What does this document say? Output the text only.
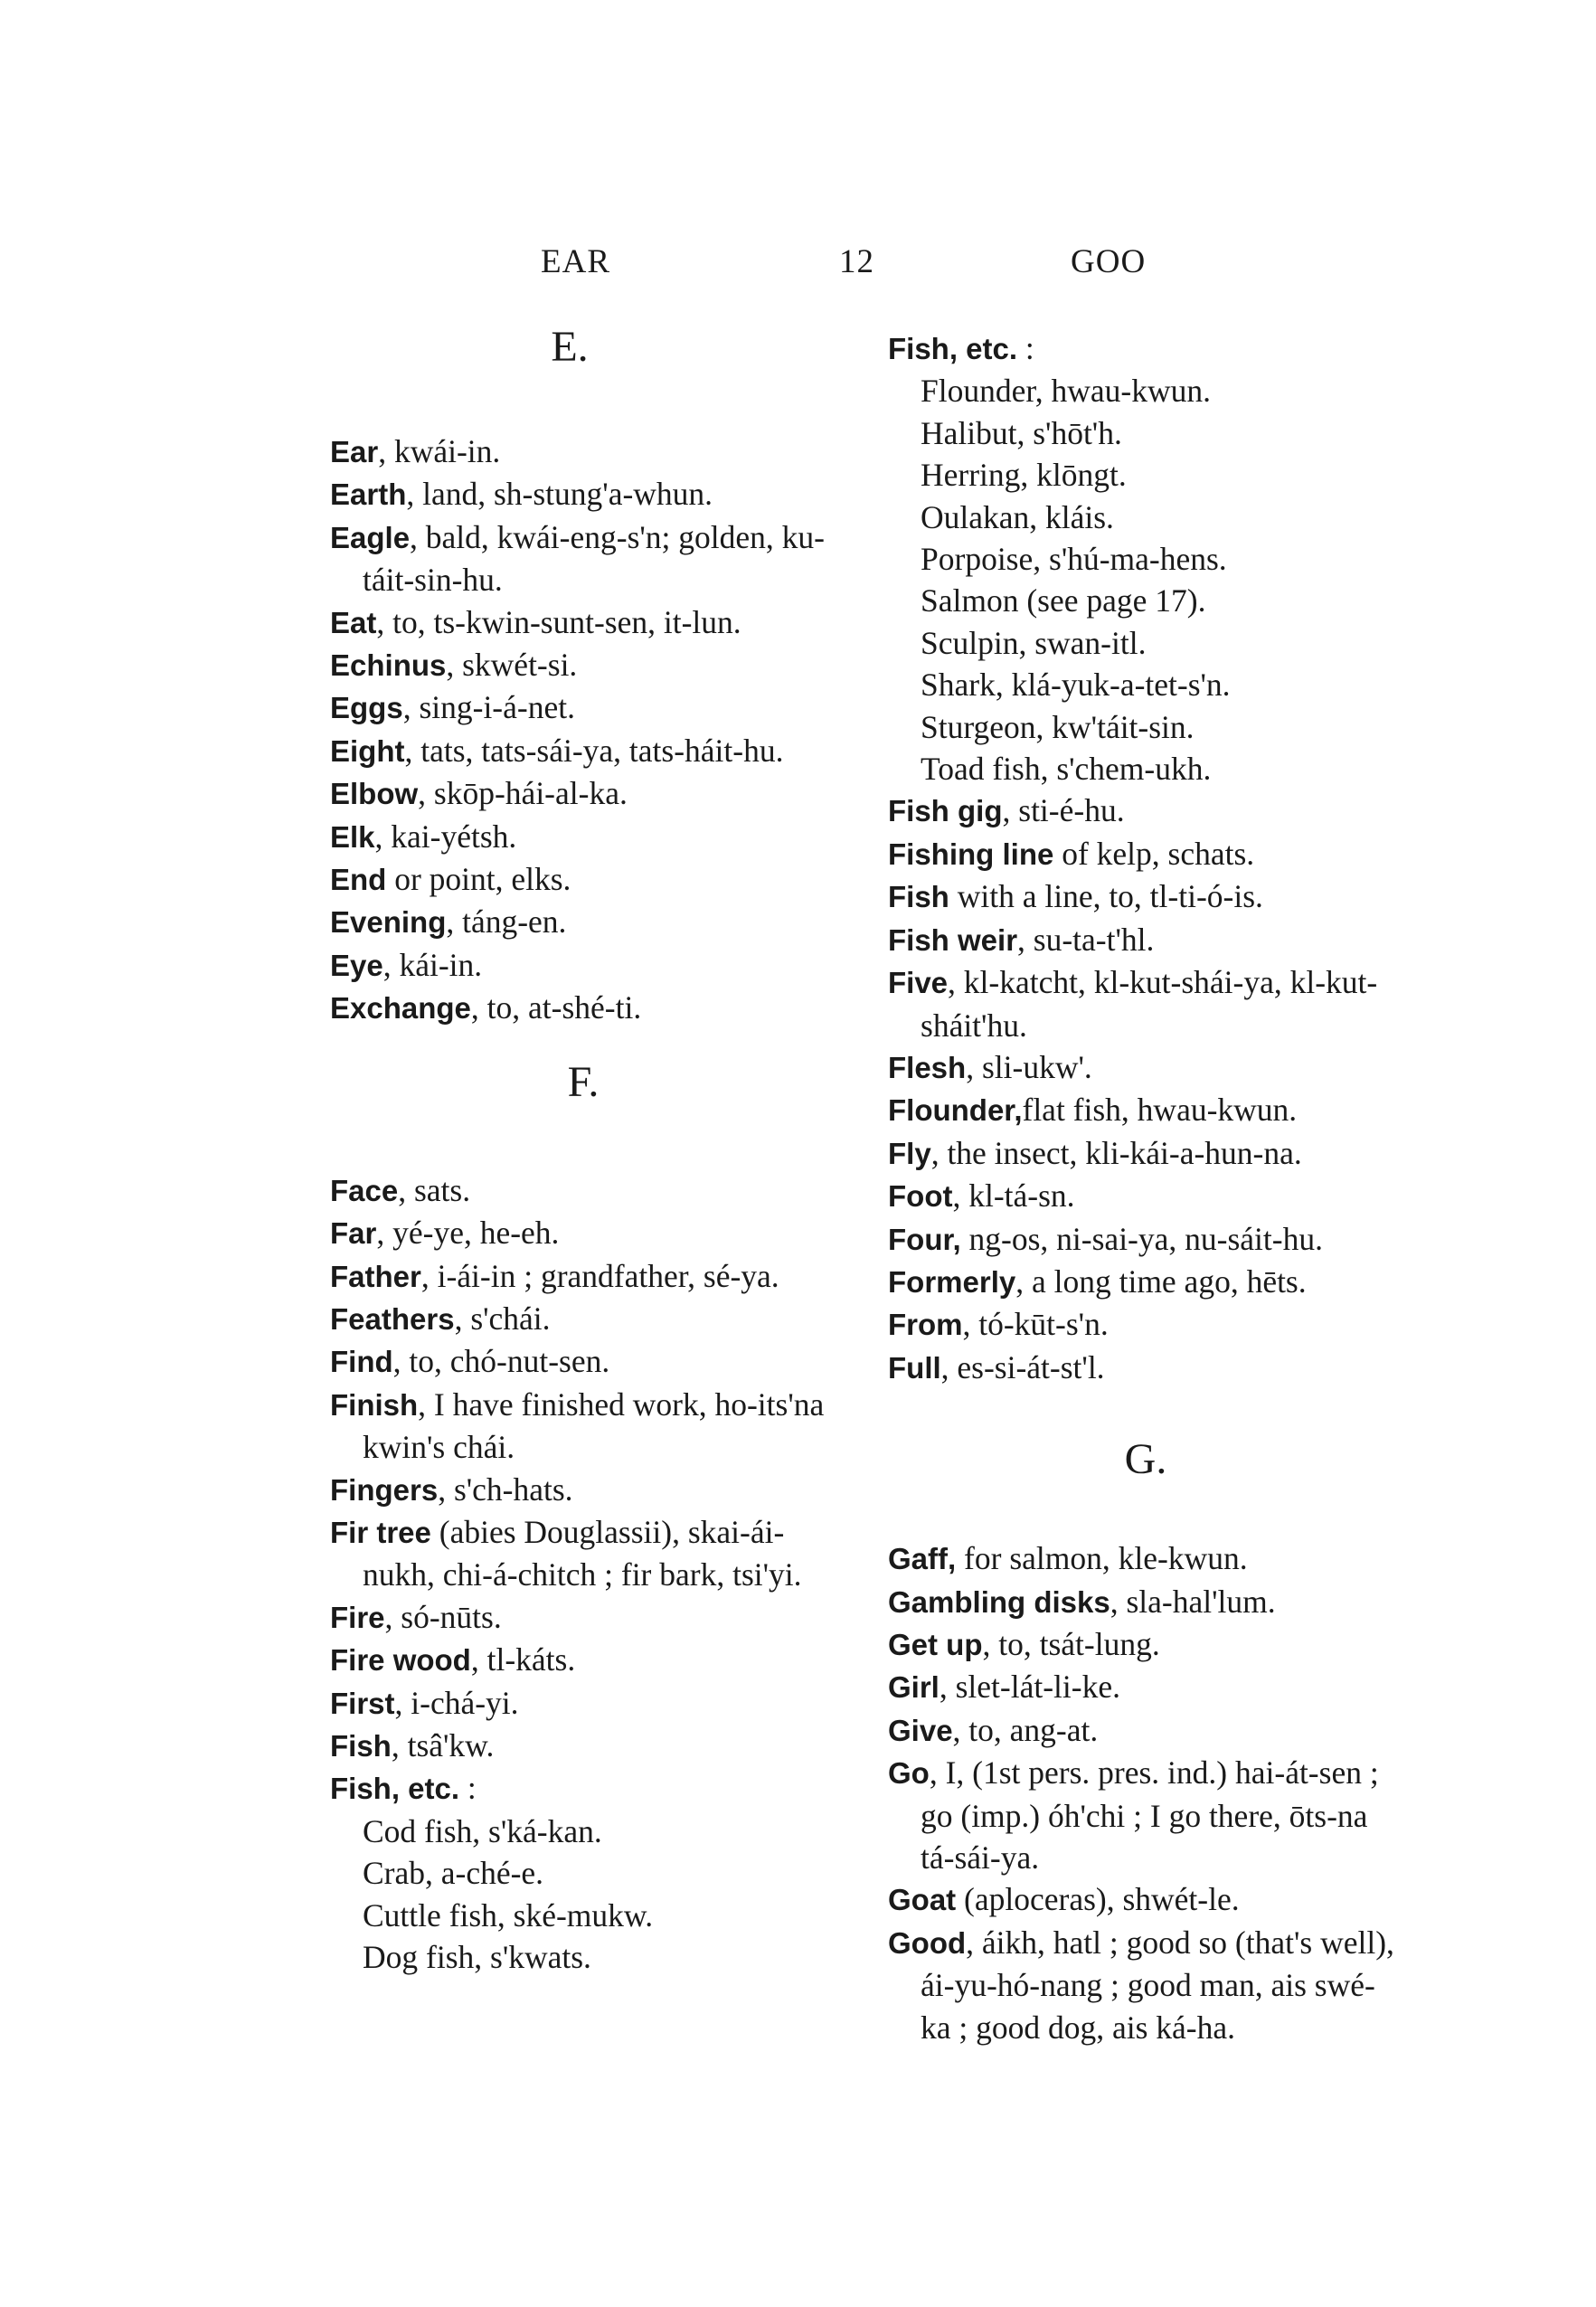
EAR	12	GOO
E.

Ear, kwái-in.

Earth, land, sh-stung'a-whun.

Eagle, bald, kwái-eng-s'n; golden, ku-táit-sin-hu.

Eat, to, ts-kwin-sunt-sen, it-lun.

Echinus, skwét-si.

Eggs, sing-i-á-net.

Eight, tats, tats-sái-ya, tats-háit-hu.

Elbow, skōp-hái-al-ka.

Elk, kai-yétsh.

End or point, elks.

Evening, táng-en.

Eye, kái-in.

Exchange, to, at-shé-ti.

F.

Face, sats.

Far, yé-ye, he-eh.

Father, i-ái-in ; grandfather, sé-ya.

Feathers, s'chái.

Find, to, chó-nut-sen.

Finish, I have finished work, ho-its'na kwin's chái.

Fingers, s'ch-hats.

Fir tree (abies Douglassii), skai-ái-nukh, chi-á-chitch ; fir bark, tsi'yi.

Fire, só-nūts.

Fire wood, tl-káts.

First, i-chá-yi.

Fish, tsâ'kw.

Fish, etc. :

Cod fish, s'ká-kan.

Crab, a-ché-e.

Cuttle fish, ské-mukw.

Dog fish, s'kwats.

Fish, etc. :

Flounder, hwau-kwun.

Halibut, s'hōt'h.

Herring, klōngt.

Oulakan, kláis.

Porpoise, s'hú-ma-hens.

Salmon (see page 17).

Sculpin, swan-itl.

Shark, klá-yuk-a-tet-s'n.

Sturgeon, kw'táit-sin.

Toad fish, s'chem-ukh.

Fish gig, sti-é-hu.

Fishing line of kelp, schats.

Fish with a line, to, tl-ti-ó-is.

Fish weir, su-ta-t'hl.

Five, kl-katcht, kl-kut-shái-ya, kl-kut-sháit'hu.

Flesh, sli-ukw'.

Flounder,flat fish, hwau-kwun.

Fly, the insect, kli-kái-a-hun-na.

Foot, kl-tá-sn.

Four, ng-os, ni-sai-ya, nu-sáit-hu.

Formerly, a long time ago, hēts.

From, tó-kūt-s'n.

Full, es-si-át-st'l.

G.

Gaff, for salmon, kle-kwun.

Gambling disks, sla-hal'lum.

Get up, to, tsát-lung.

Girl, slet-lát-li-ke.

Give, to, ang-at.

Go, I, (1st pers. pres. ind.) hai-át-sen ; go (imp.) óh'chi ; I go there, ōts-na tá-sái-ya.

Goat (aploceras), shwét-le.

Good, áikh, hatl ; good so (that's well), ái-yu-hó-nang ; good man, ais swé-ka ; good dog, ais ká-ha.
